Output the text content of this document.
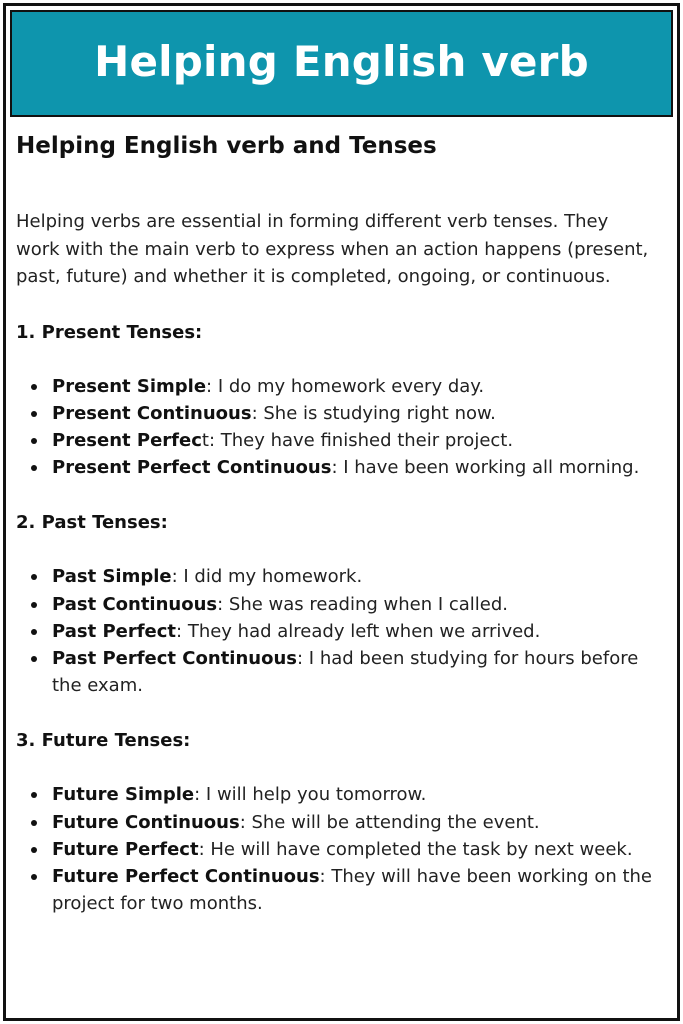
Helping English verb
Helping English verb and Tenses

Helping verbs are essential in forming different verb tenses. They work with the main verb to express when an action happens (present, past, future) and whether it is completed, ongoing, or continuous.

1. Present Tenses:
Present Simple: I do my homework every day.
Present Continuous: She is studying right now.
Present Perfect: They have finished their project.
Present Perfect Continuous: I have been working all morning.
2. Past Tenses:
Past Simple: I did my homework.
Past Continuous: She was reading when I called.
Past Perfect: They had already left when we arrived.
Past Perfect Continuous: I had been studying for hours before the exam.
3. Future Tenses:
Future Simple: I will help you tomorrow.
Future Continuous: She will be attending the event.
Future Perfect: He will have completed the task by next week.
Future Perfect Continuous: They will have been working on the project for two months.
